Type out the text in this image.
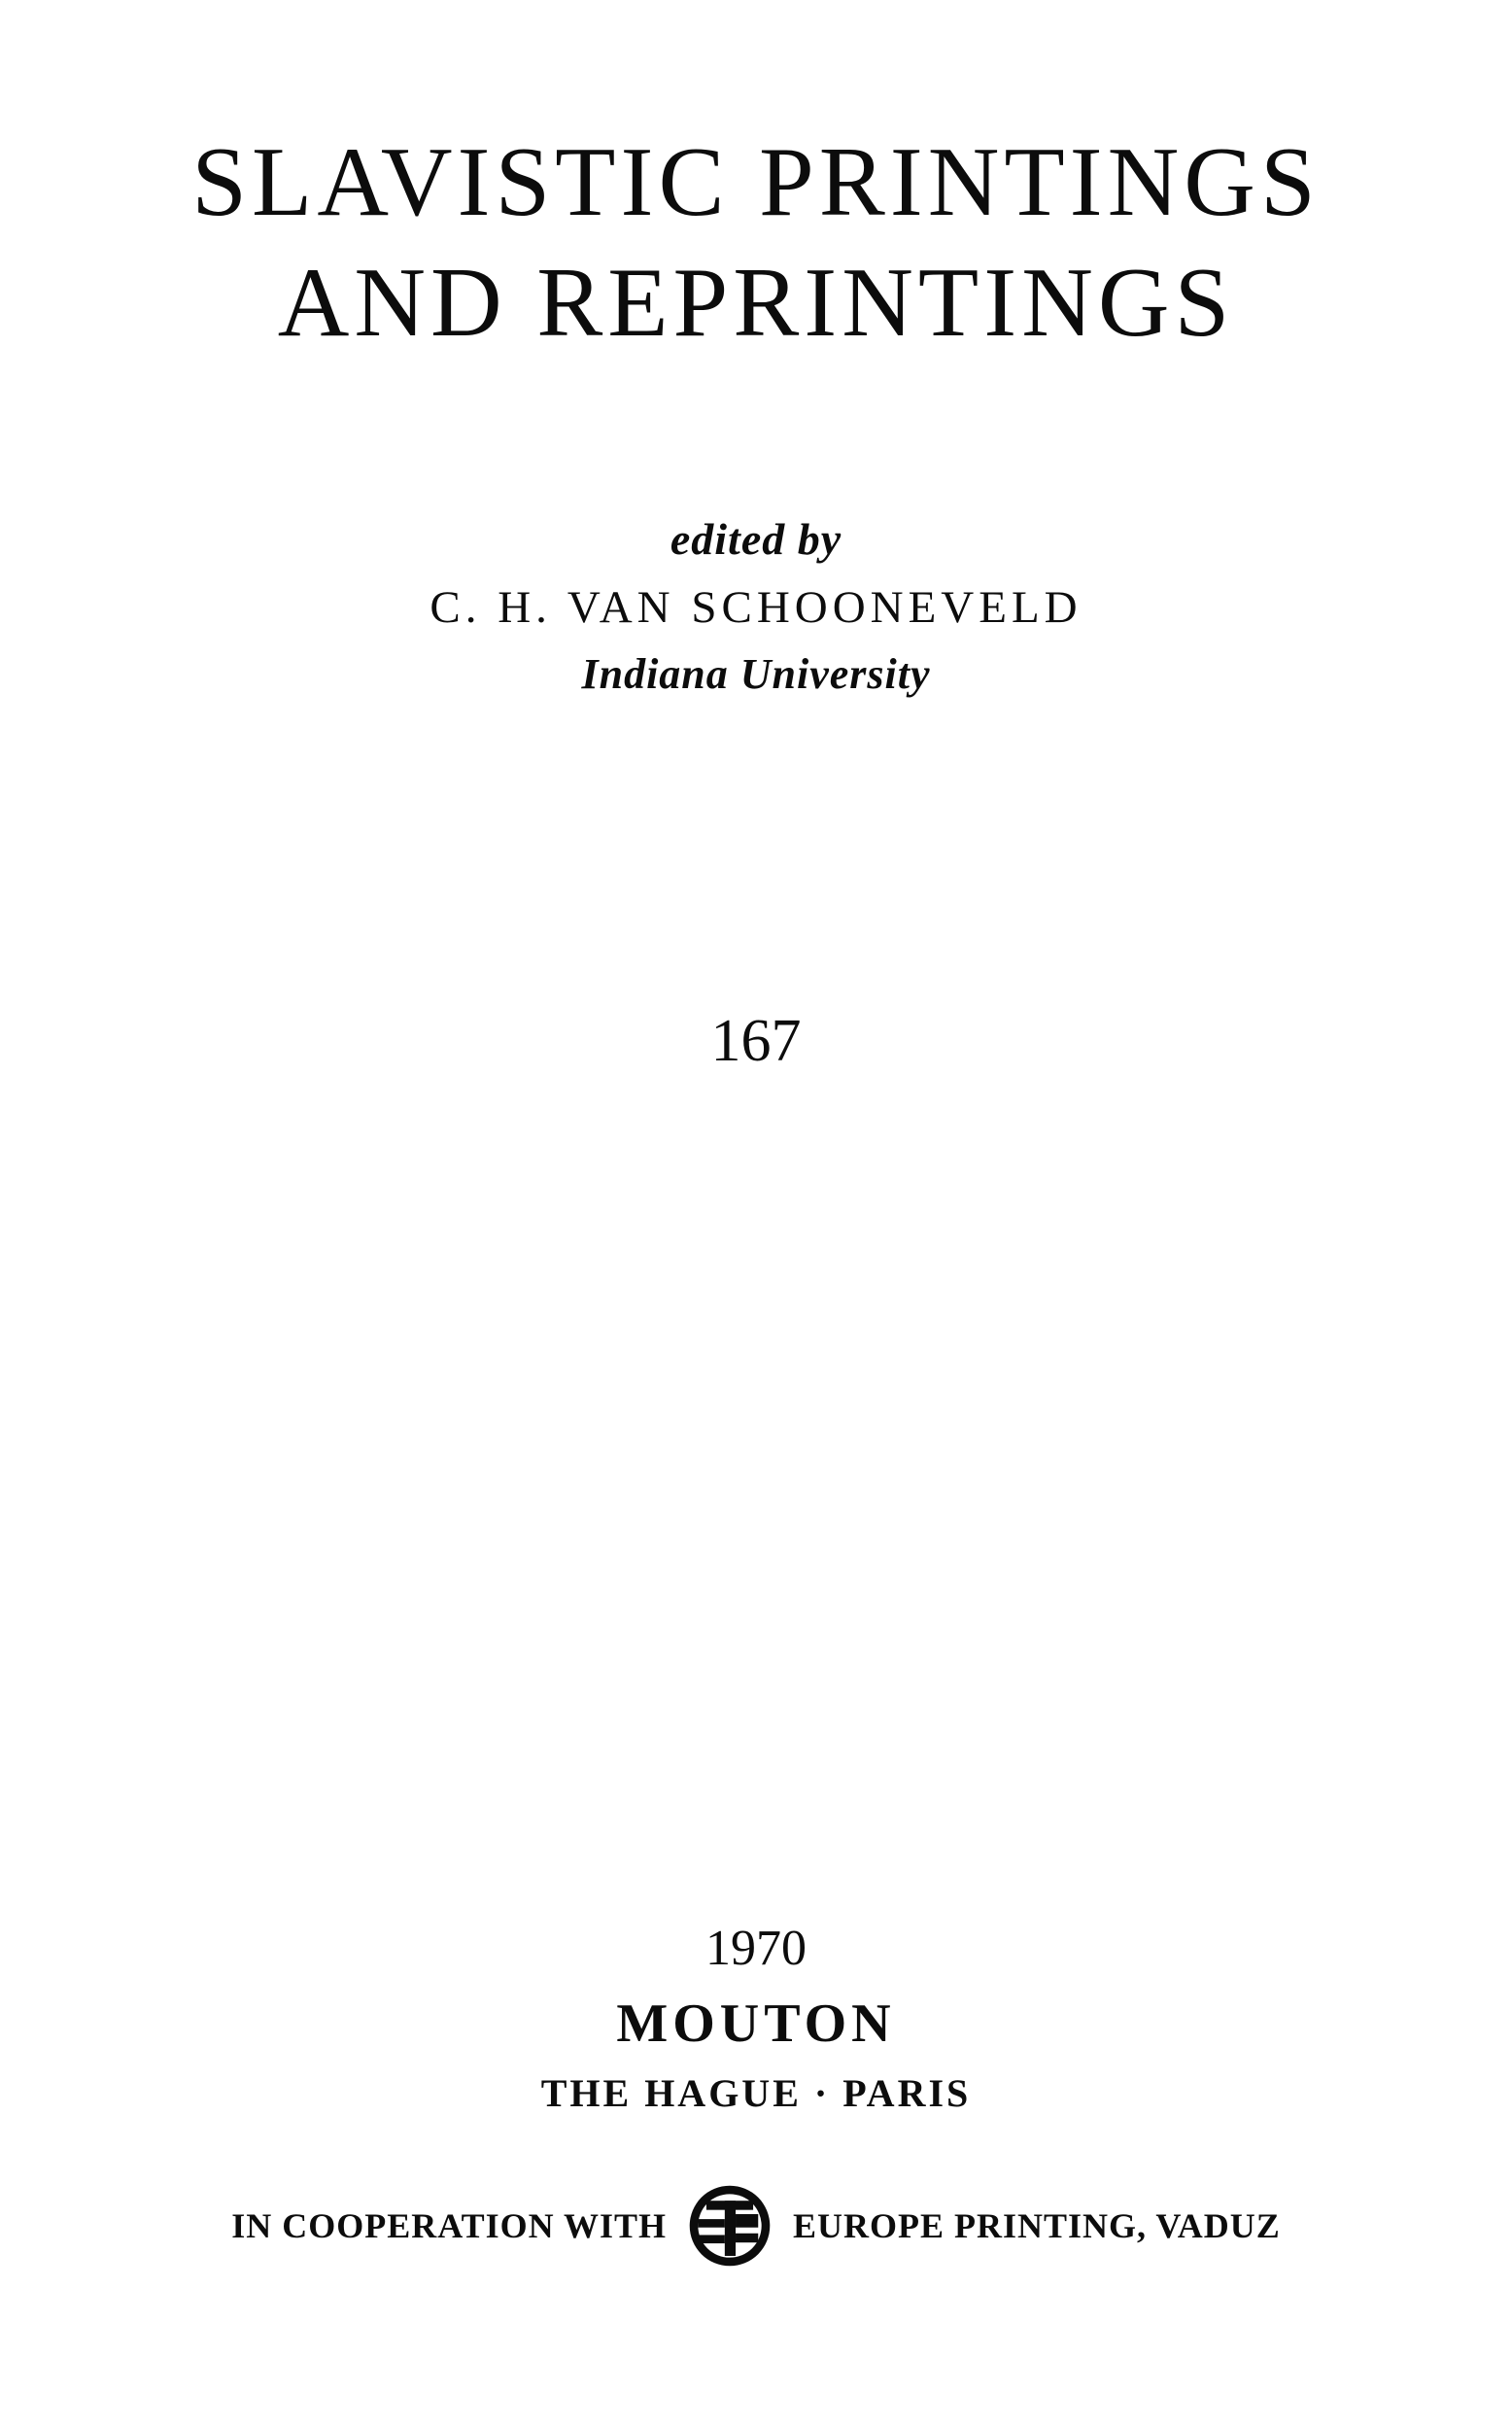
SLAVISTIC PRINTINGS
AND REPRINTINGS
edited by
C. H. VAN SCHOONEVELD
Indiana University
167
1970
MOUTON
THE HAGUE · PARIS
IN COOPERATION WITH	EUROPE PRINTING, VADUZ
